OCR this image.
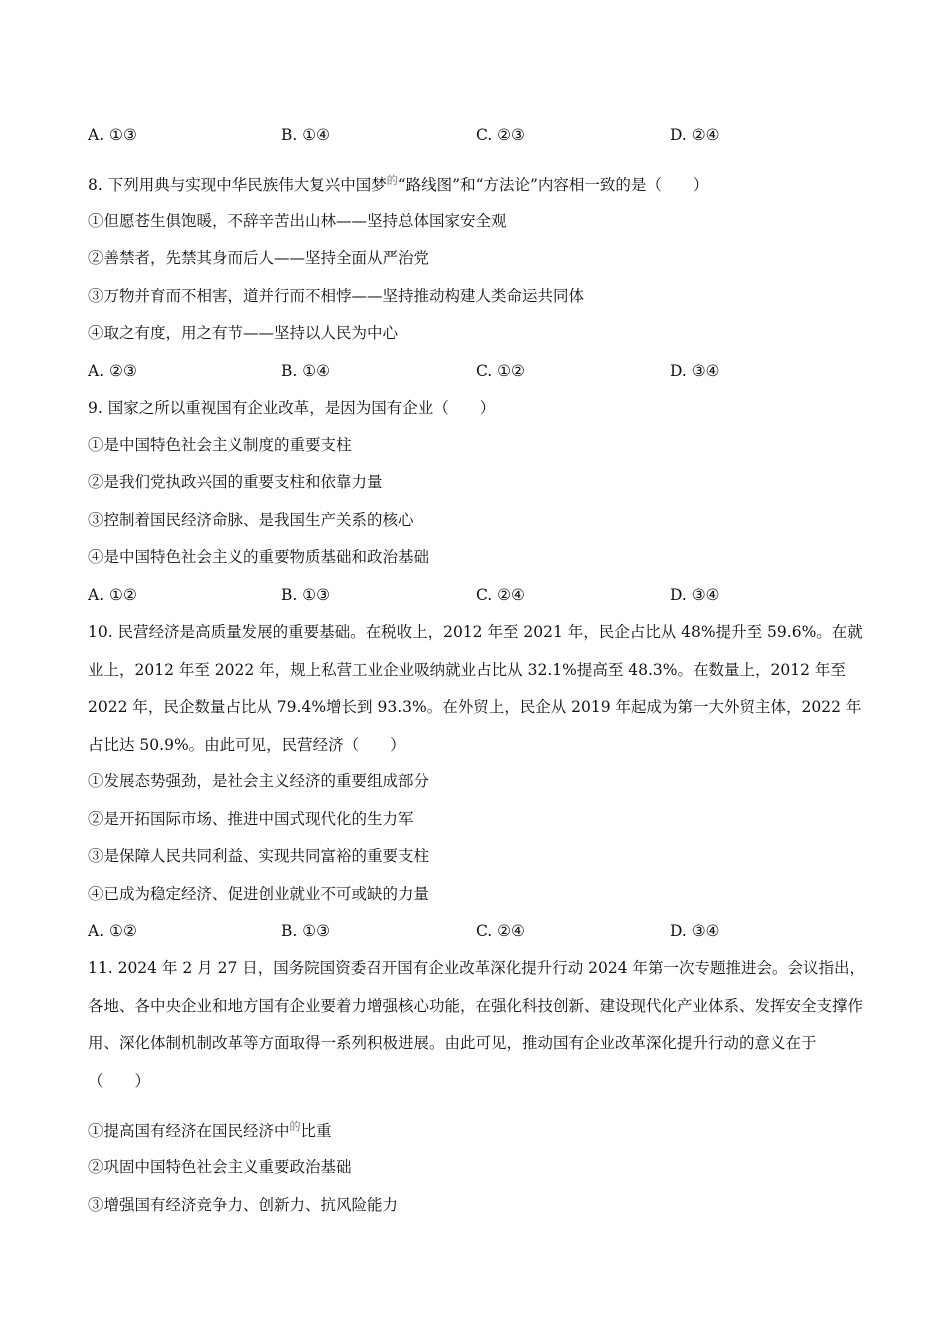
A. ①③	B. ①④	C. ②③	D. ②④
8. 下列用典与实现中华民族伟大复兴中国梦$^的$“路线图”和“方法论”内容相一致的是（　　）
①但愿苍生俱饱暖，不辞辛苦出山林——坚持总体国家安全观
②善禁者，先禁其身而后人——坚持全面从严治党
③万物并育而不相害，道并行而不相悖——坚持推动构建人类命运共同体
④取之有度，用之有节——坚持以人民为中心
A. ②③	B. ①④	C. ①②	D. ③④
9. 国家之所以重视国有企业改革，是因为国有企业（　　）
①是中国特色社会主义制度的重要支柱
②是我们党执政兴国的重要支柱和依靠力量
③控制着国民经济命脉、是我国生产关系的核心
④是中国特色社会主义的重要物质基础和政治基础
A. ①②	B. ①③	C. ②④	D. ③④
10. 民营经济是高质量发展的重要基础。在税收上，2012 年至 2021 年，民企占比从 48%提升至 59.6%。在就业上，2012 年至 2022 年，规上私营工业企业吸纳就业占比从 32.1%提高至 48.3%。在数量上，2012 年至 2022 年，民企数量占比从 79.4%增长到 93.3%。在外贸上，民企从 2019 年起成为第一大外贸主体，2022 年占比达 50.9%。由此可见，民营经济（　　）
①发展态势强劲，是社会主义经济的重要组成部分
②是开拓国际市场、推进中国式现代化的生力军
③是保障人民共同利益、实现共同富裕的重要支柱
④已成为稳定经济、促进创业就业不可或缺的力量
A. ①②	B. ①③	C. ②④	D. ③④
11. 2024 年 2 月 27 日，国务院国资委召开国有企业改革深化提升行动 2024 年第一次专题推进会。会议指出，各地、各中央企业和地方国有企业要着力增强核心功能，在强化科技创新、建设现代化产业体系、发挥安全支撑作用、深化体制机制改革等方面取得一系列积极进展。由此可见，推动国有企业改革深化提升行动的意义在于（　　）
①提高国有经济在国民经济中$^的$比重
②巩固中国特色社会主义重要政治基础
③增强国有经济竞争力、创新力、抗风险能力
